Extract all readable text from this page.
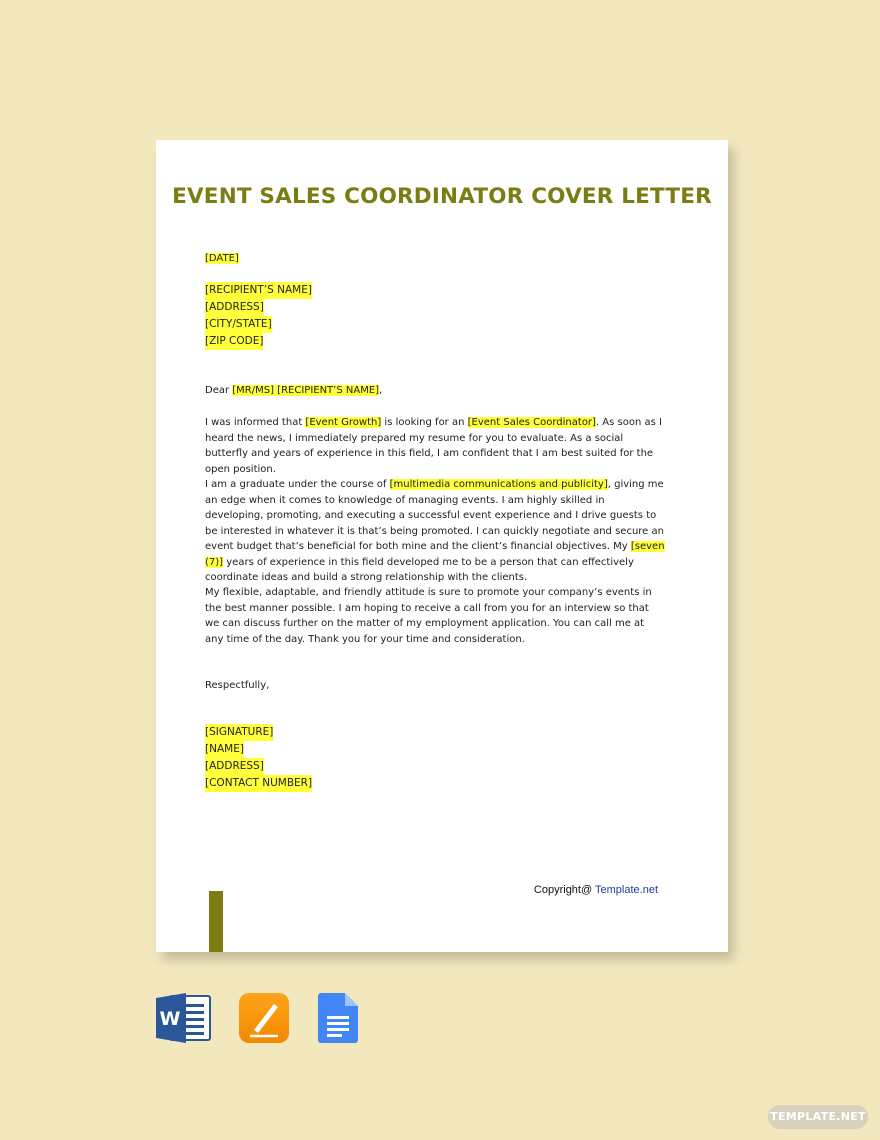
EVENT SALES COORDINATOR COVER LETTER
[DATE]
[RECIPIENT’S NAME]
[ADDRESS]
[CITY/STATE]
[ZIP CODE]
Dear [MR/MS] [RECIPIENT’S NAME],

I was informed that [Event Growth] is looking for an [Event Sales Coordinator]. As soon as I heard the news, I immediately prepared my resume for you to evaluate. As a social butterfly and years of experience in this field, I am confident that I am best suited for the open position.

I am a graduate under the course of [multimedia communications and publicity], giving me an edge when it comes to knowledge of managing events. I am highly skilled in developing, promoting, and executing a successful event experience and I drive guests to be interested in whatever it is that’s being promoted. I can quickly negotiate and secure an event budget that’s beneficial for both mine and the client’s financial objectives. My [seven (7)] years of experience in this field developed me to be a person that can effectively coordinate ideas and build a strong relationship with the clients.

My flexible, adaptable, and friendly attitude is sure to promote your company’s events in the best manner possible. I am hoping to receive a call from you for an interview so that we can discuss further on the matter of my employment application. You can call me at any time of the day. Thank you for your time and consideration.

Respectfully,

[SIGNATURE]
[NAME]
[ADDRESS]
[CONTACT NUMBER]
Copyright@ Template.net
W
TEMPLATE.NET
